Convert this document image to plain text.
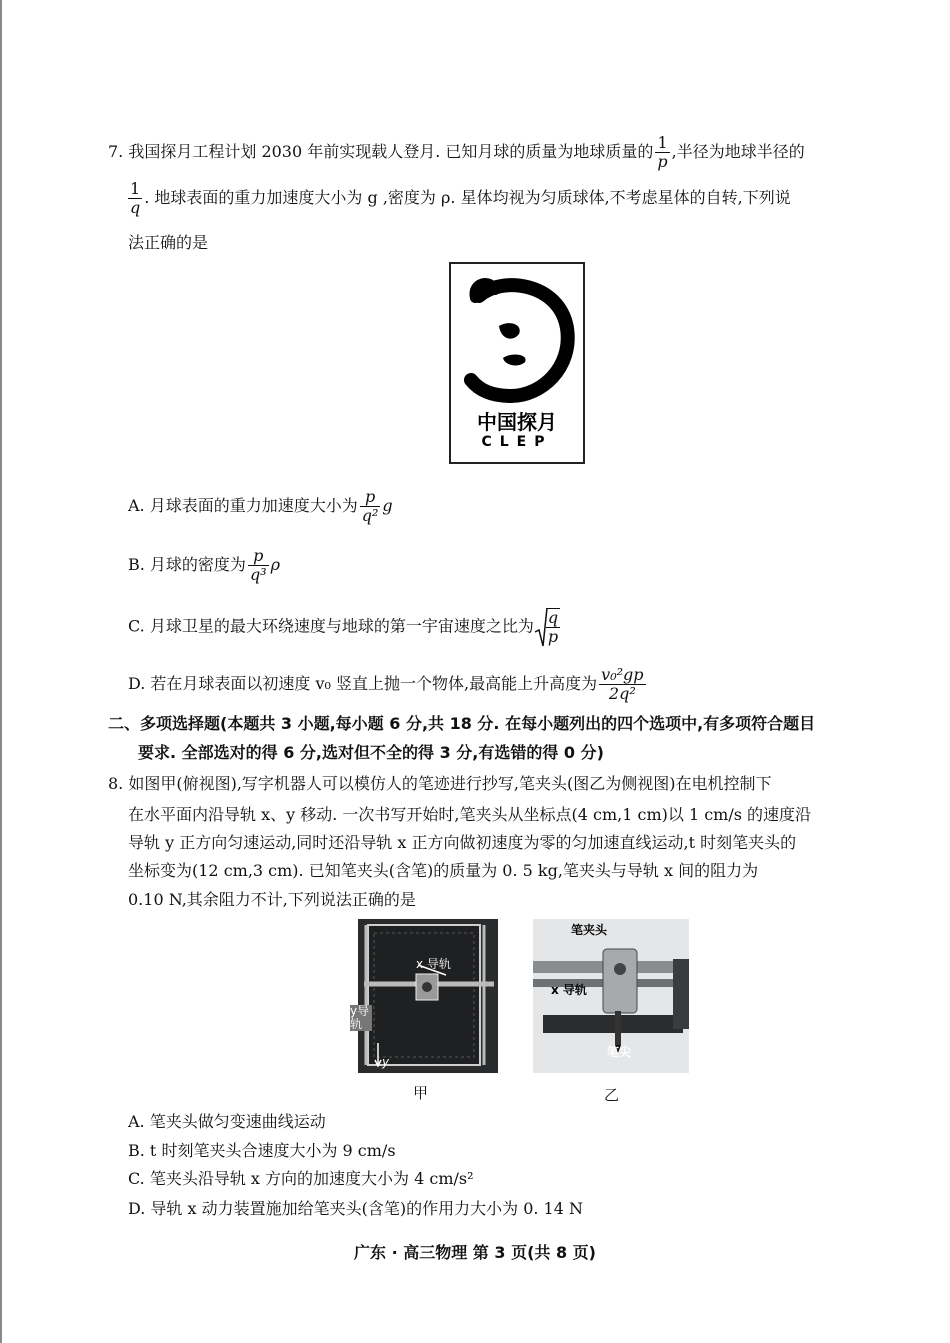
7. 我国探月工程计划 2030 年前实现载人登月. 已知月球的质量为地球质量的 $\frac{1}{p}$ ,半径为地球半径的
$\frac{1}{q}$ . 地球表面的重力加速度大小为 g ,密度为 ρ. 星体均视为匀质球体,不考虑星体的自转,下列说
法正确的是
中国探月
CLEP
A. 月球表面的重力加速度大小为 $\frac{p}{\text{q²}}$ g
B. 月球的密度为 $\frac{p}{\text{q³}}$ ρ
C. 月球卫星的最大环绕速度与地球的第一宇宙速度之比为 $\frac{q}{p}$
D. 若在月球表面以初速度 v₀ 竖直上抛一个物体,最高能上升高度为 $\frac{\text{v₀²gp}}{\text{2q²}}$
二、多项选择题(本题共 3 小题,每小题 6 分,共 18 分. 在每小题列出的四个选项中,有多项符合题目
要求. 全部选对的得 6 分,选对但不全的得 3 分,有选错的得 0 分)
8. 如图甲(俯视图),写字机器人可以模仿人的笔迹进行抄写,笔夹头(图乙为侧视图)在电机控制下
在水平面内沿导轨 x、y 移动. 一次书写开始时,笔夹头从坐标点(4 cm,1 cm)以 1 cm/s 的速度沿
导轨 y 正方向匀速运动,同时还沿导轨 x 正方向做初速度为零的匀加速直线运动,t 时刻笔夹头的
坐标变为(12 cm,3 cm). 已知笔夹头(含笔)的质量为 0. 5 kg,笔夹头与导轨 x 间的阻力为
0.10 N,其余阻力不计,下列说法正确的是
x 导轨
y导轨
y
笔夹头
x 导轨
笔尖
甲	乙
A. 笔夹头做匀变速曲线运动
B. t 时刻笔夹头合速度大小为 9 cm/s
C. 笔夹头沿导轨 x 方向的加速度大小为 4 cm/s²
D. 导轨 x 动力装置施加给笔夹头(含笔)的作用力大小为 0. 14 N
广东 · 高三物理 第 3 页(共 8 页)
